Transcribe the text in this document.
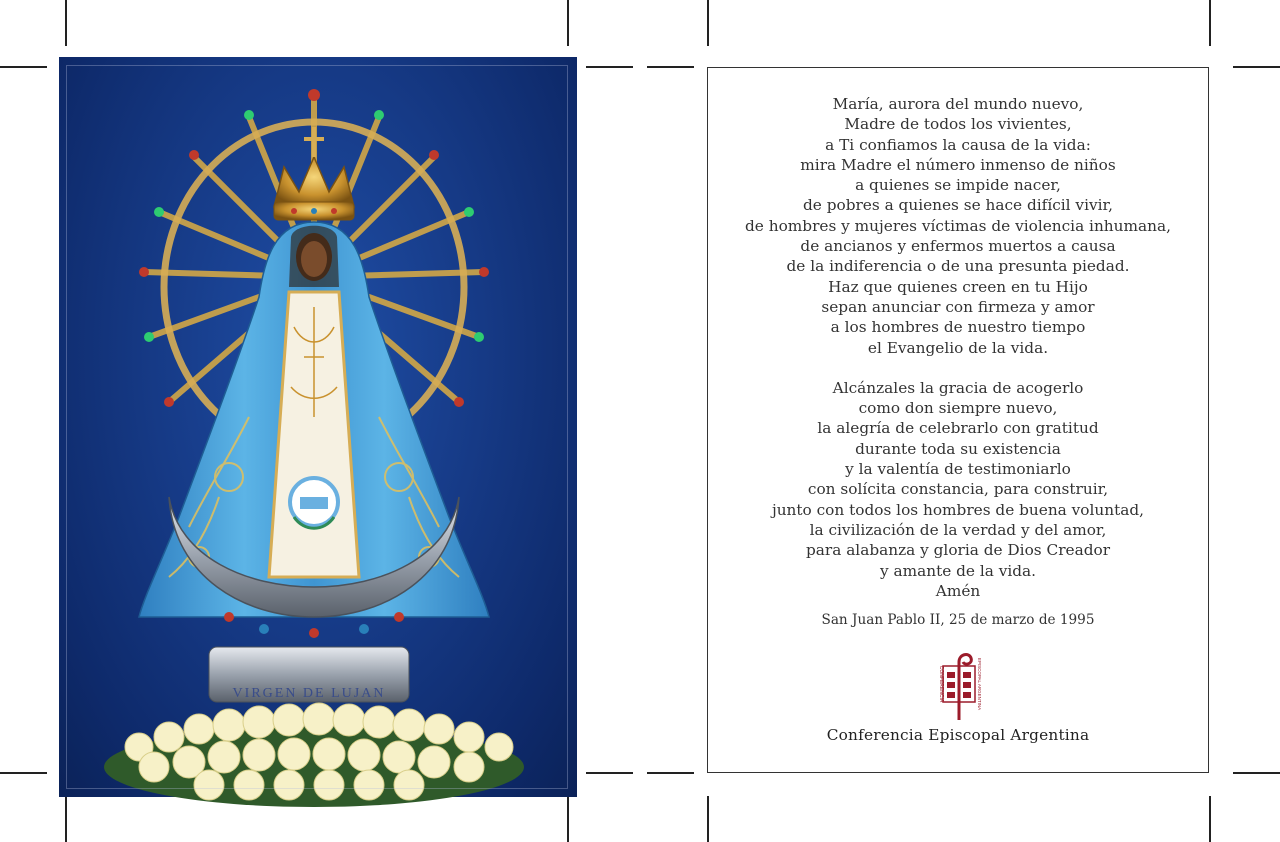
VIRGEN DE LUJAN
María, aurora del mundo nuevo,
Madre de todos los vivientes,
a Ti confiamos la causa de la vida:
mira Madre el número inmenso de niños
a quienes se impide nacer,
de pobres a quienes se hace difícil vivir,
de hombres y mujeres víctimas de violencia inhumana,
de ancianos y enfermos muertos a causa
de la indiferencia o de una presunta piedad.
Haz que quienes creen en tu Hijo
sepan anunciar con firmeza y amor
a los hombres de nuestro tiempo
el Evangelio de la vida.
Alcánzales la gracia de acogerlo
como don siempre nuevo,
la alegría de celebrarlo con gratitud
durante toda su existencia
y la valentía de testimoniarlo
con solícita constancia, para construir,
junto con todos los hombres de buena voluntad,
la civilización de la verdad y del amor,
para alabanza y gloria de Dios Creador
y amante de la vida.
Amén
San Juan Pablo II, 25 de marzo de 1995
CONFERENCIA	EPISCOPAL ARGENTINA
Conferencia Episcopal Argentina
